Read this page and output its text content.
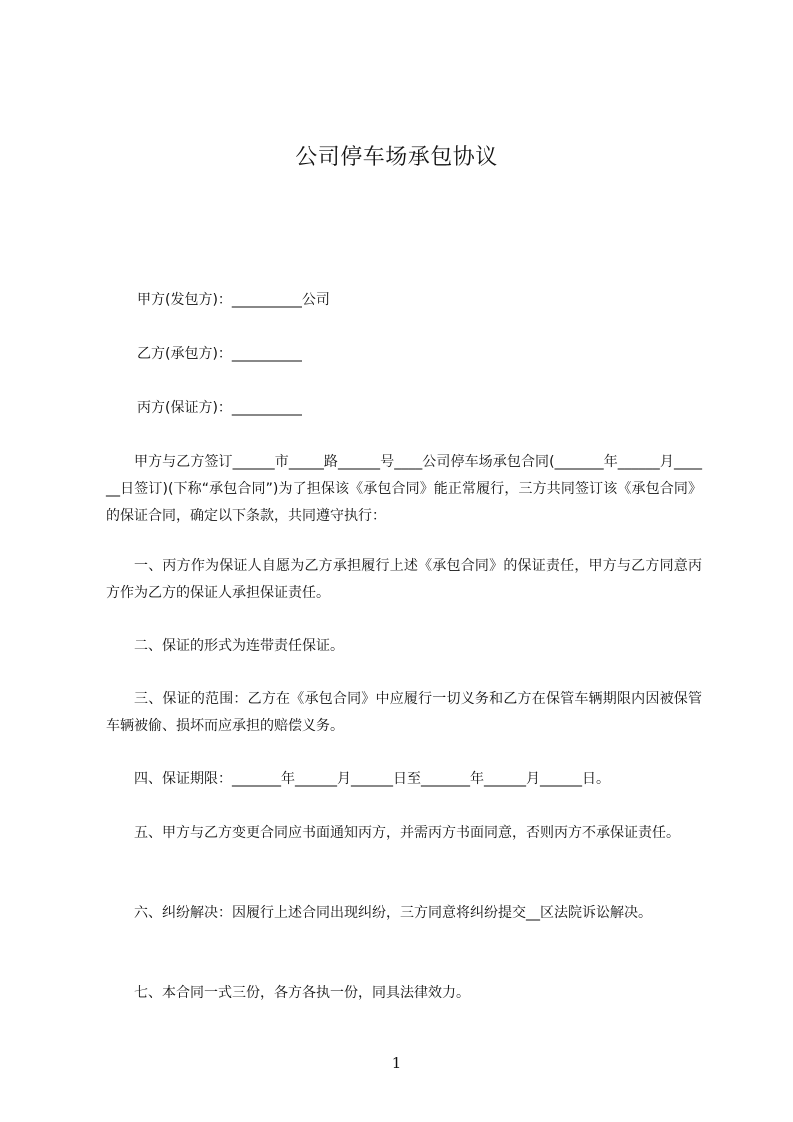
公司停车场承包协议

甲方(发包方)：__________公司

乙方(承包方)：__________

丙方(保证方)：__________

甲方与乙方签订______市_____路______号____公司停车场承包合同(_______年______月______日签订)(下称“承包合同”)为了担保该《承包合同》能正常履行，三方共同签订该《承包合同》的保证合同，确定以下条款，共同遵守执行：

一、丙方作为保证人自愿为乙方承担履行上述《承包合同》的保证责任，甲方与乙方同意丙方作为乙方的保证人承担保证责任。

二、保证的形式为连带责任保证。

三、保证的范围：乙方在《承包合同》中应履行一切义务和乙方在保管车辆期限内因被保管车辆被偷、损坏而应承担的赔偿义务。

四、保证期限：_______年______月______日至_______年______月______日。

五、甲方与乙方变更合同应书面通知丙方，并需丙方书面同意，否则丙方不承保证责任。

六、纠纷解决：因履行上述合同出现纠纷，三方同意将纠纷提交__区法院诉讼解决。

七、本合同一式三份，各方各执一份，同具法律效力。

1
